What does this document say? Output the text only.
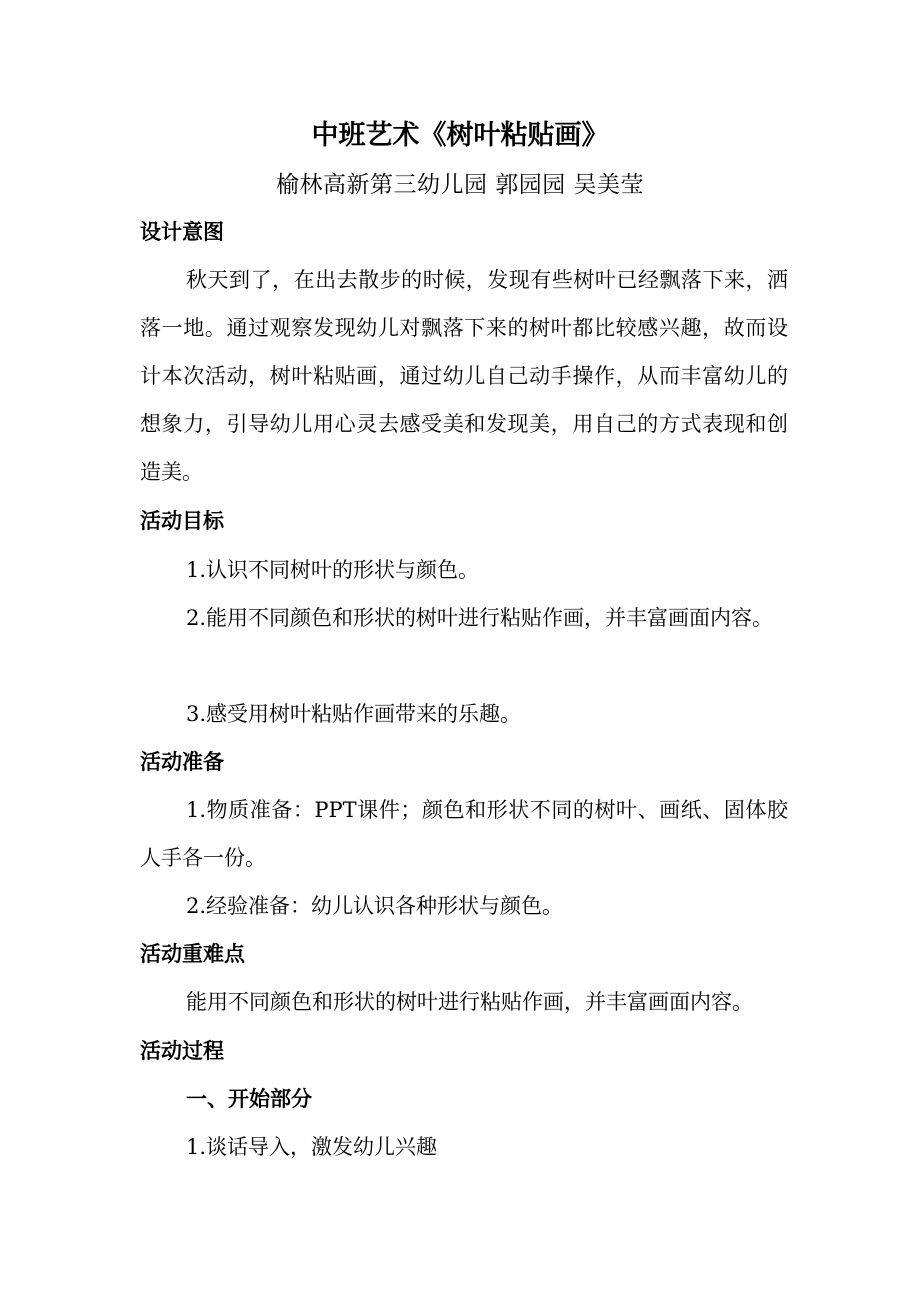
中班艺术《树叶粘贴画》
榆林高新第三幼儿园 郭园园 吴美莹
设计意图

秋天到了，在出去散步的时候，发现有些树叶已经飘落下来，洒落一地。通过观察发现幼儿对飘落下来的树叶都比较感兴趣，故而设计本次活动，树叶粘贴画，通过幼儿自己动手操作，从而丰富幼儿的想象力，引导幼儿用心灵去感受美和发现美，用自己的方式表现和创造美。

活动目标

1.认识不同树叶的形状与颜色。

2.能用不同颜色和形状的树叶进行粘贴作画，并丰富画面内容。

3.感受用树叶粘贴作画带来的乐趣。

活动准备

1.物质准备：PPT课件；颜色和形状不同的树叶、画纸、固体胶人手各一份。

2.经验准备：幼儿认识各种形状与颜色。

活动重难点

能用不同颜色和形状的树叶进行粘贴作画，并丰富画面内容。

活动过程
一、开始部分

1.谈话导入，激发幼儿兴趣
